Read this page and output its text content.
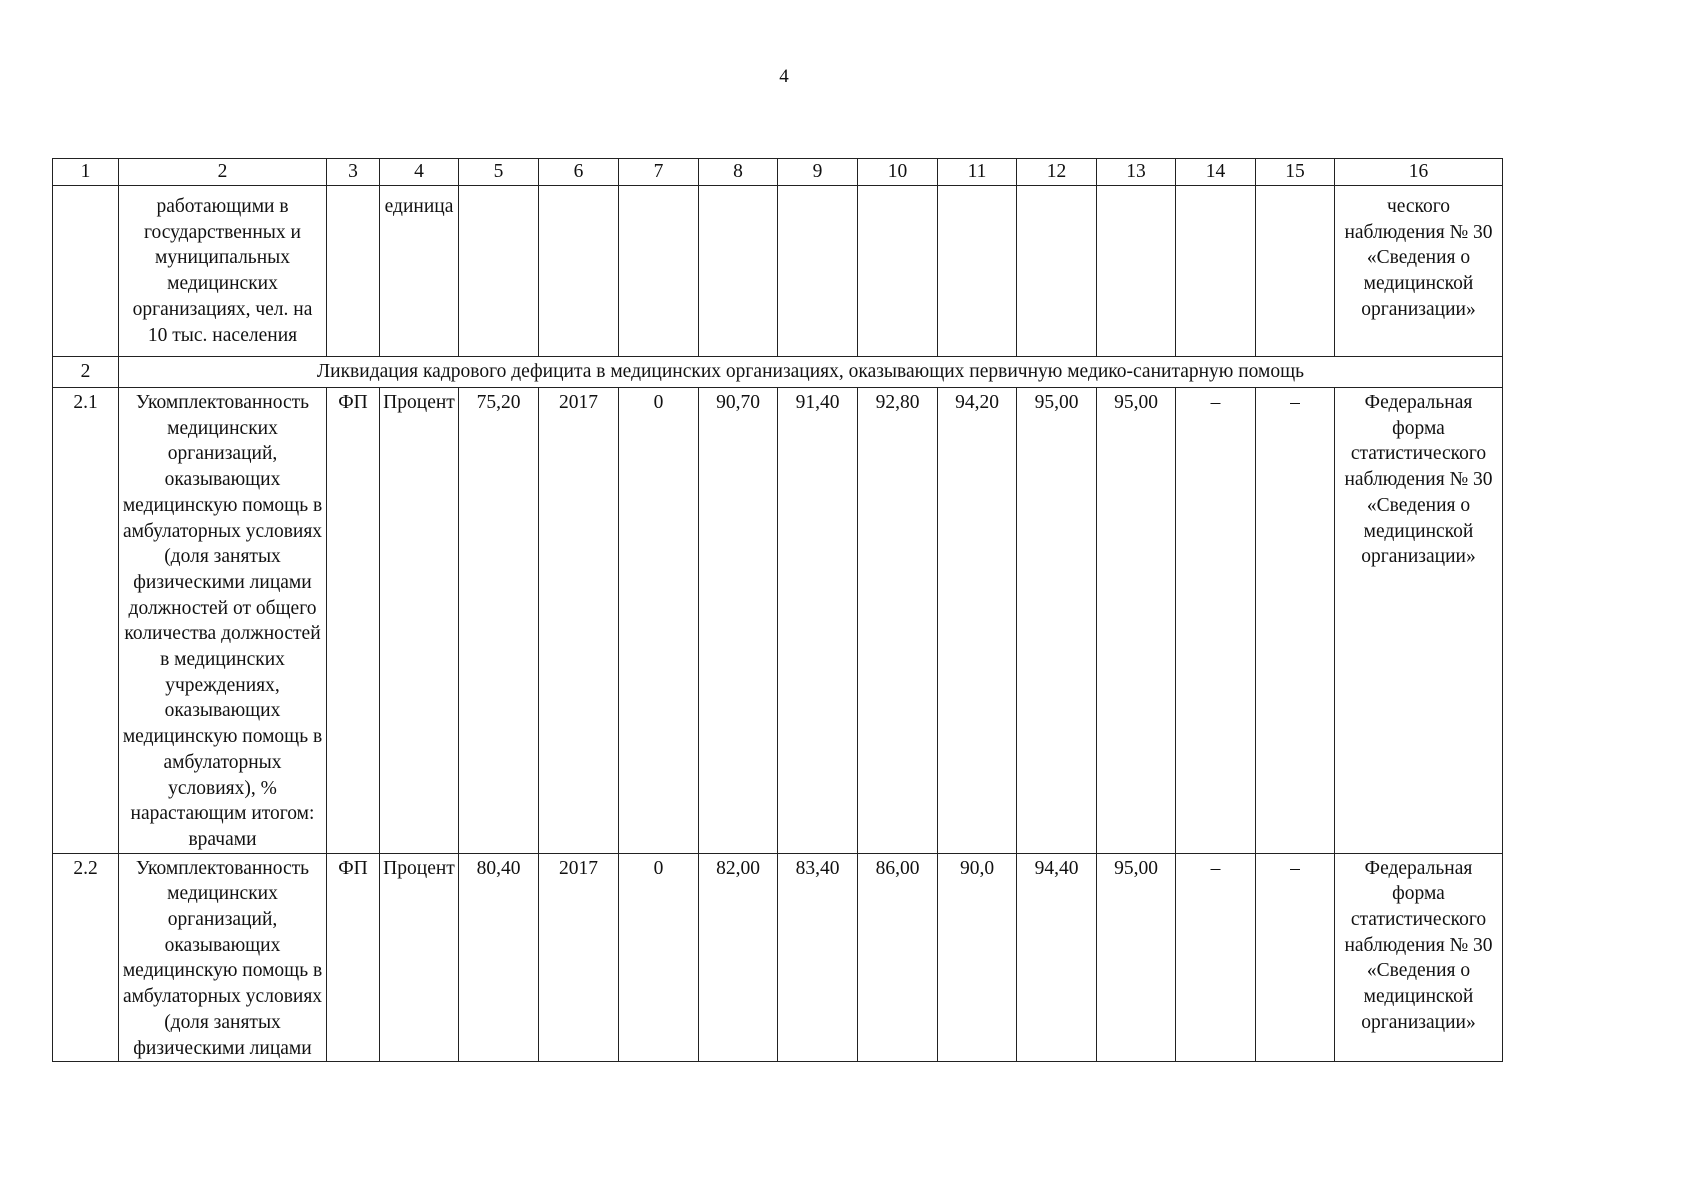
4
1	2	3	4	5	6	7	8	9	10	11	12	13	14	15	16
	работающими в государственных и муниципальных медицинских организациях, чел. на 10 тыс. населения		единица												ческого наблюдения № 30 «Сведения о медицинской организации»
2	Ликвидация кадрового дефицита в медицинских организациях, оказывающих первичную медико-санитарную помощь														
2.1	Укомплектованность медицинских организаций, оказывающих медицинскую помощь в амбулаторных условиях (доля занятых физическими лицами должностей от общего количества должностей в медицинских учреждениях, оказывающих медицинскую помощь в амбулаторных условиях), % нарастающим итогом: врачами	ФП	Процент	75,20	2017	0	90,70	91,40	92,80	94,20	95,00	95,00	–	–	Федеральная форма статистического наблюдения № 30 «Сведения о медицинской организации»
2.2	Укомплектованность медицинских организаций, оказывающих медицинскую помощь в амбулаторных условиях (доля занятых физическими лицами	ФП	Процент	80,40	2017	0	82,00	83,40	86,00	90,0	94,40	95,00	–	–	Федеральная форма статистического наблюдения № 30 «Сведения о медицинской организации»
